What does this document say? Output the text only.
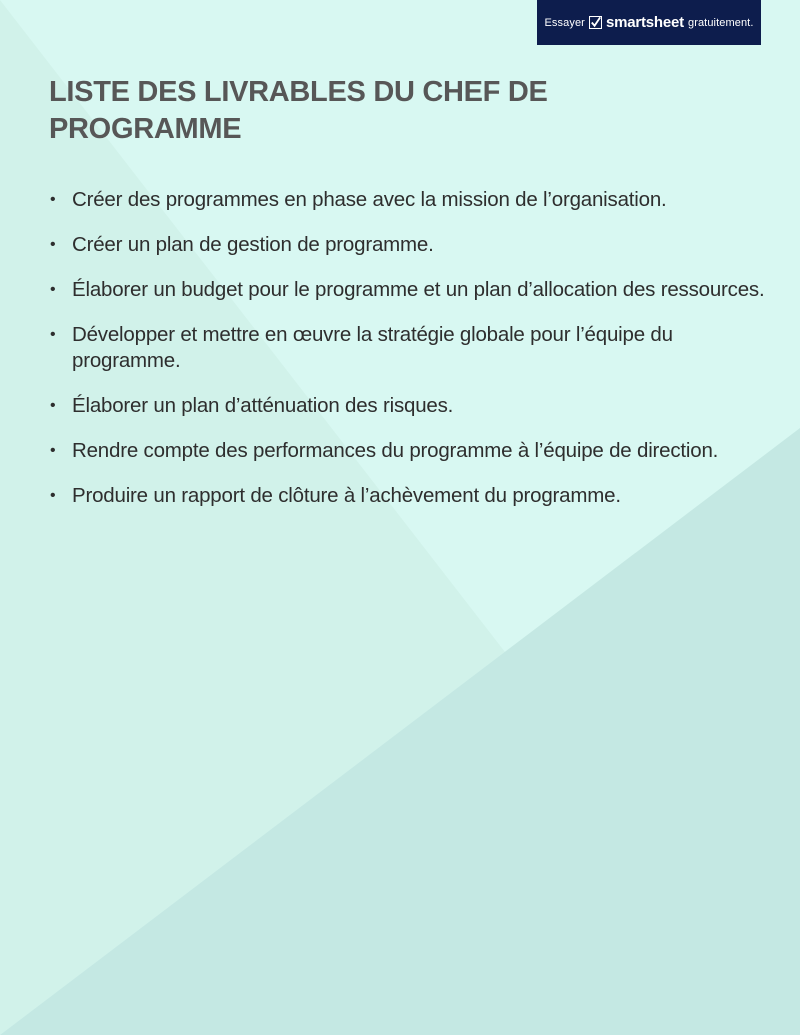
Essayer smartsheet gratuitement.
LISTE DES LIVRABLES DU CHEF DE PROGRAMME
• Créer des programmes en phase avec la mission de l’organisation.
• Créer un plan de gestion de programme.
• Élaborer un budget pour le programme et un plan d’allocation des ressources.
• Développer et mettre en œuvre la stratégie globale pour l’équipe du programme.
• Élaborer un plan d’atténuation des risques.
• Rendre compte des performances du programme à l’équipe de direction.
• Produire un rapport de clôture à l’achèvement du programme.
